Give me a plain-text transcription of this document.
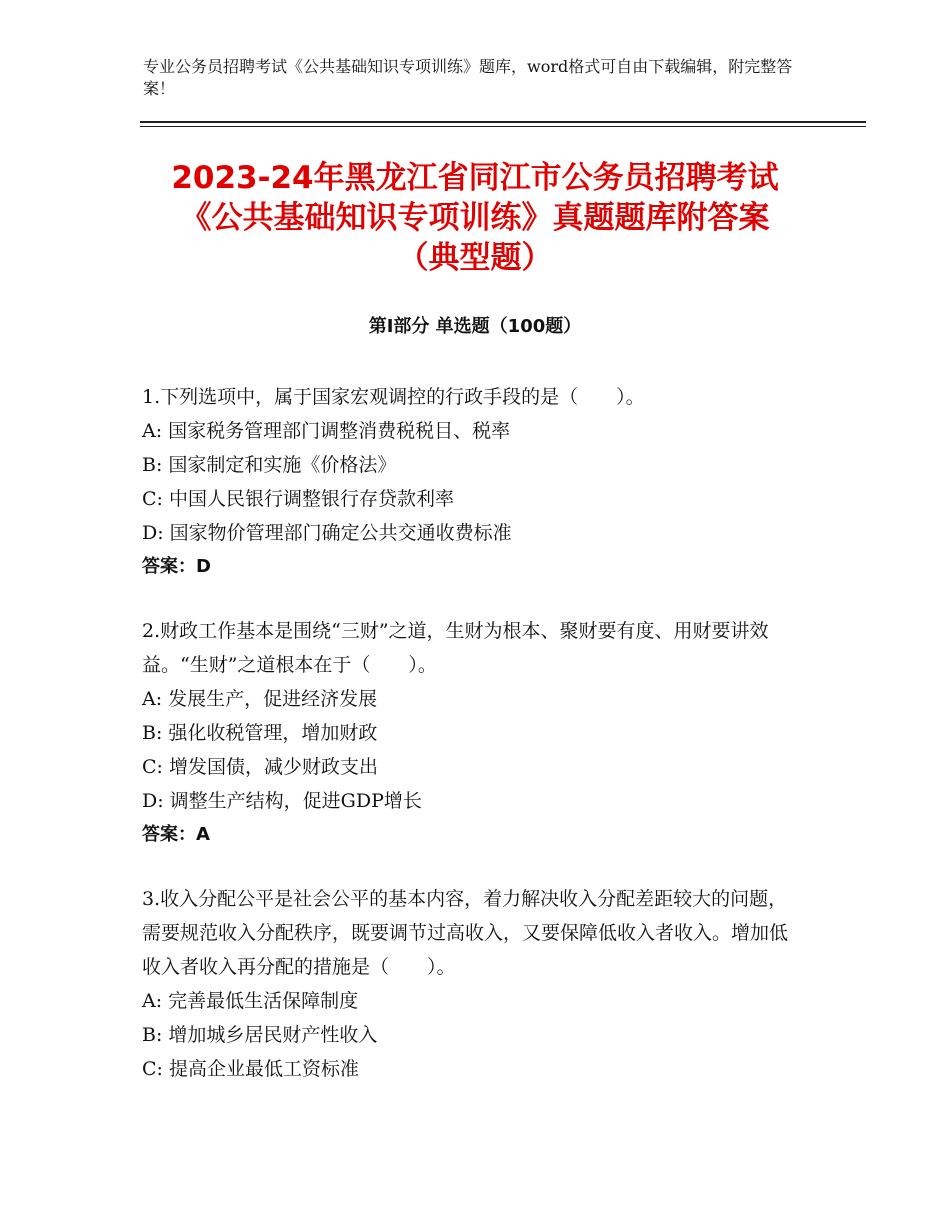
专业公务员招聘考试《公共基础知识专项训练》题库，word格式可自由下载编辑，附完整答案！
2023-24年黑龙江省同江市公务员招聘考试
《公共基础知识专项训练》真题题库附答案
（典型题）
第Ⅰ部分 单选题（100题）
1.下列选项中，属于国家宏观调控的行政手段的是（　　）。
A: 国家税务管理部门调整消费税税目、税率
B: 国家制定和实施《价格法》
C: 中国人民银行调整银行存贷款利率
D: 国家物价管理部门确定公共交通收费标准
答案：D
2.财政工作基本是围绕“三财”之道，生财为根本、聚财要有度、用财要讲效益。“生财”之道根本在于（　　）。
A: 发展生产，促进经济发展
B: 强化收税管理，增加财政
C: 增发国债，减少财政支出
D: 调整生产结构，促进GDP增长
答案：A
3.收入分配公平是社会公平的基本内容，着力解决收入分配差距较大的问题，需要规范收入分配秩序，既要调节过高收入，又要保障低收入者收入。增加低收入者收入再分配的措施是（　　）。
A: 完善最低生活保障制度
B: 增加城乡居民财产性收入
C: 提高企业最低工资标准
